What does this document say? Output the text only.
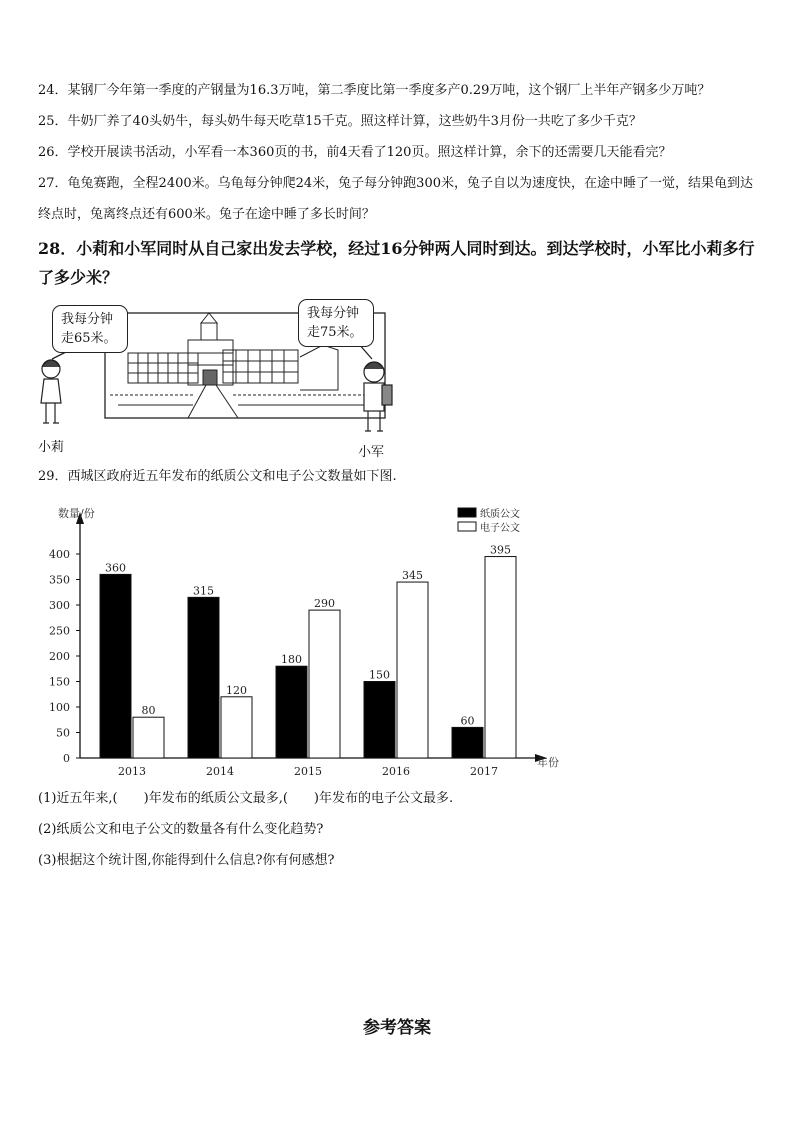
24．某钢厂今年第一季度的产钢量为16.3万吨，第二季度比第一季度多产0.29万吨，这个钢厂上半年产钢多少万吨？
25．牛奶厂养了40头奶牛，每头奶牛每天吃草15千克。照这样计算，这些奶牛3月份一共吃了多少千克？
26．学校开展读书活动，小军看一本360页的书，前4天看了120页。照这样计算，余下的还需要几天能看完？
27．龟兔赛跑，全程2400米。乌龟每分钟爬24米，兔子每分钟跑300米，兔子自以为速度快，在途中睡了一觉，结果龟到达终点时，兔离终点还有600米。兔子在途中睡了多长时间？
28．小莉和小军同时从自己家出发去学校，经过16分钟两人同时到达。到达学校时，小军比小莉多行了多少米？
我每分钟走65米。
我每分钟走75米。
小莉	小军
29．西城区政府近五年发布的纸质公文和电子公文数量如下图.
数量/份
年份
0
50
100
150
200
250
300
350
400
360
80
2013
315
120
2014
180
290
2015
150
345
2016
60
395
2017
纸质公文
电子公文
(1)近五年来,(　　)年发布的纸质公文最多,(　　)年发布的电子公文最多.
(2)纸质公文和电子公文的数量各有什么变化趋势?
(3)根据这个统计图,你能得到什么信息?你有何感想?
参考答案
